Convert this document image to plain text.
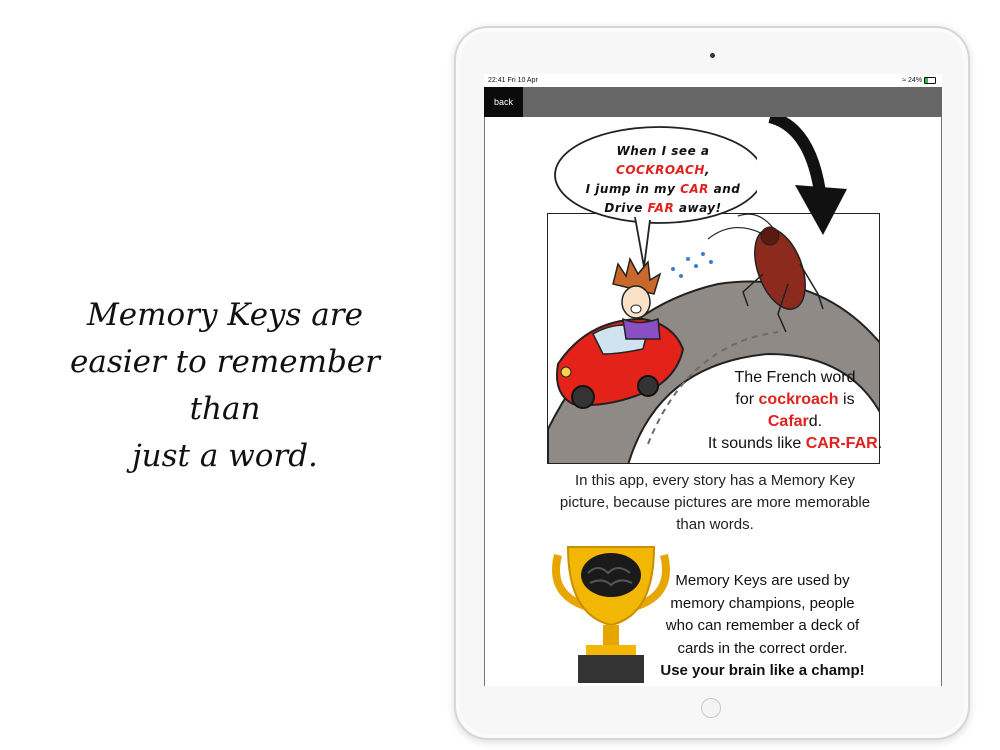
Memory Keys are
easier to remember than
just a word.
22:41 Fri 10 Apr	≈ 24%
back
When I see a
COCKROACH,
I jump in my CAR and
Drive FAR away!
The French word
for cockroach is
Cafard.
It sounds like CAR-FAR.
In this app, every story has a Memory Key picture, because pictures are more memorable than words.
Memory Keys are used by
memory champions, people
who can remember a deck of
cards in the correct order.
Use your brain like a champ!
